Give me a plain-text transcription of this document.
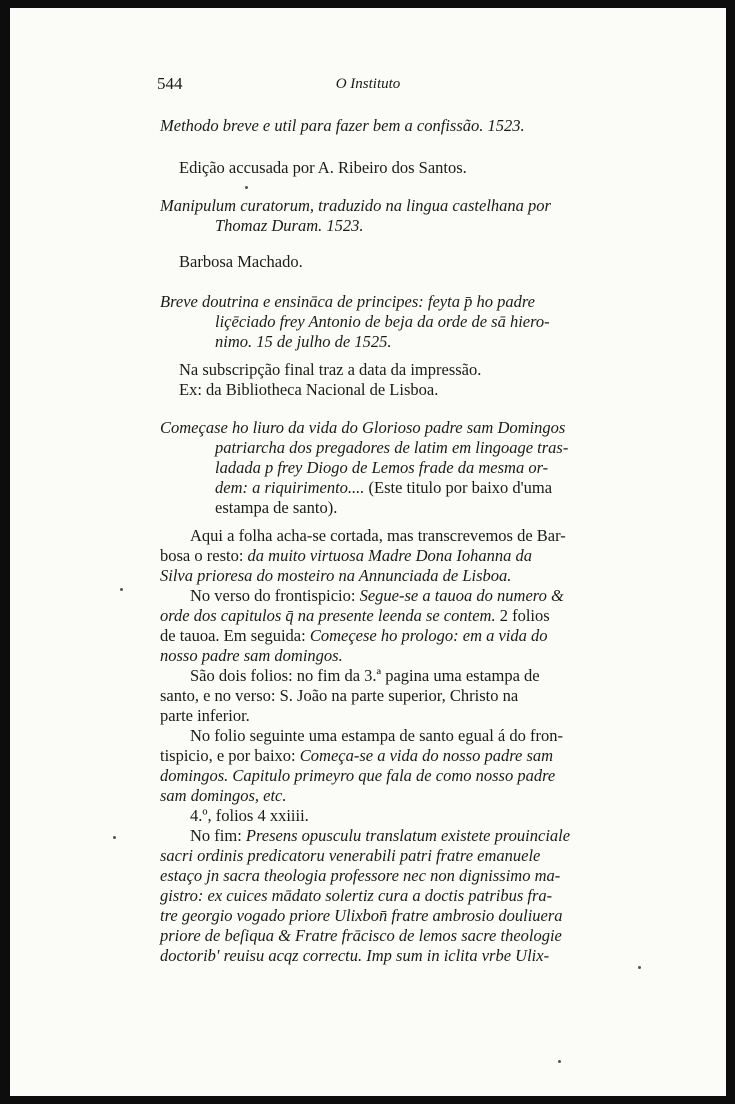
544	O Instituto
Methodo breve e util para fazer bem a confissão. 1523.
Edição accusada por A. Ribeiro dos Santos.
Manipulum curatorum, traduzido na lingua castelhana por
Thomaz Duram. 1523.
Barbosa Machado.
Breve doutrina e ensināca de principes: feyta p̄ ho padre
liçēciado frey Antonio de beja da orde de sā hiero-
nimo. 15 de julho de 1525.
Na subscripção final traz a data da impressão.
Ex: da Bibliotheca Nacional de Lisboa.
Começase ho liuro da vida do Glorioso padre sam Domingos
patriarcha dos pregadores de latim em lingoage tras-
ladada p frey Diogo de Lemos frade da mesma or-
dem: a riquirimento.... (Este titulo por baixo d'uma
estampa de santo).
Aqui a folha acha-se cortada, mas transcrevemos de Bar-
bosa o resto: da muito virtuosa Madre Dona Iohanna da
Silva prioresa do mosteiro na Annunciada de Lisboa.
No verso do frontispicio: Segue-se a tauoa do numero &
orde dos capitulos q̄ na presente leenda se contem. 2 folios
de tauoa. Em seguida: Começese ho prologo: em a vida do
nosso padre sam domingos.
São dois folios: no fim da 3.ª pagina uma estampa de
santo, e no verso: S. João na parte superior, Christo na
parte inferior.
No folio seguinte uma estampa de santo egual á do fron-
tispicio, e por baixo: Começa-se a vida do nosso padre sam
domingos. Capitulo primeyro que fala de como nosso padre
sam domingos, etc.
4.º, folios 4 xxiiii.
No fim: Presens opusculu translatum existete prouinciale
sacri ordinis predicatoru venerabili patri fratre emanuele
estaço jn sacra theologia professore nec non dignissimo ma-
gistro: ex cuices mādato solertiz cura a doctis patribus fra-
tre georgio vogado priore Ulixbon̄ fratre ambrosio douliuera
priore de beſiqua & Fratre frācisco de lemos sacre theologie
doctorib' reuisu acqz correctu. Imp sum in iclita vrbe Ulix-
